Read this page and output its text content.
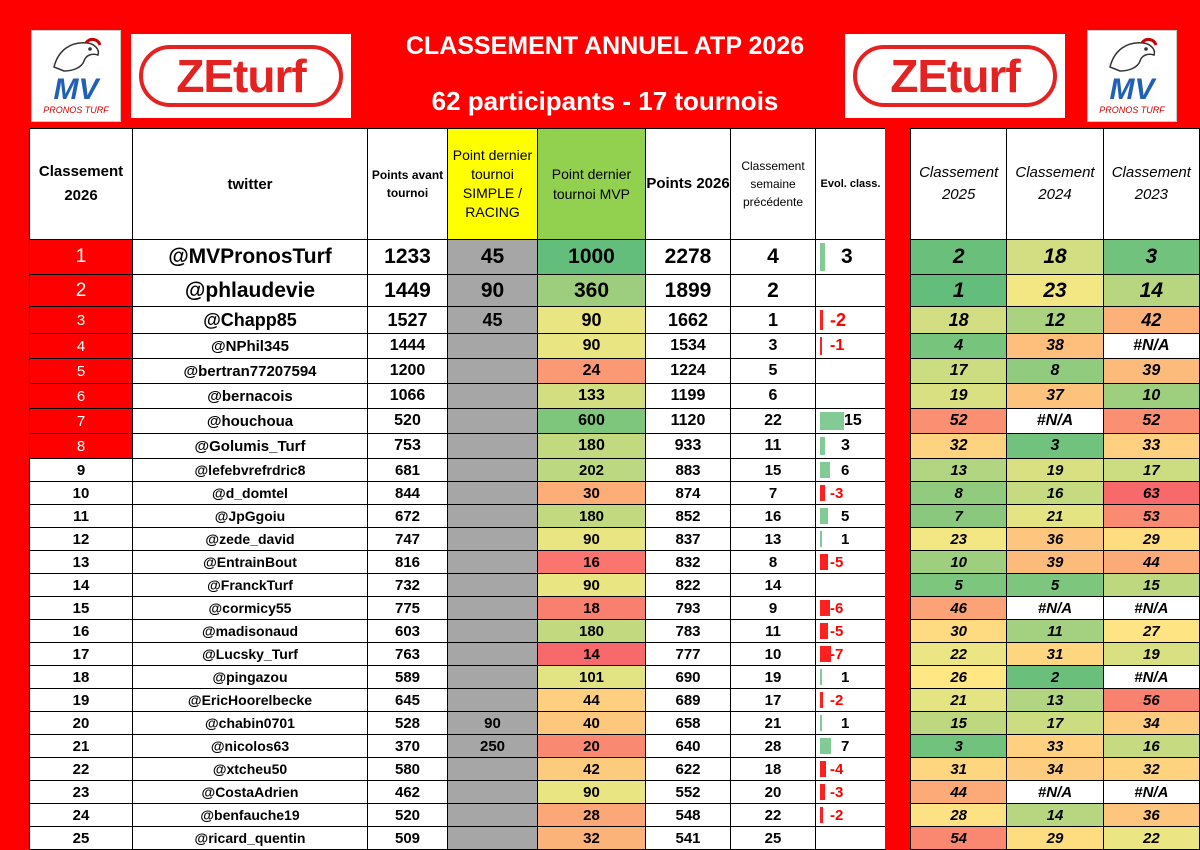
MV
PRONOS TURF
ZEturf
CLASSEMENT ANNUEL ATP 2026
62 participants - 17 tournois	ZEturf	MV
PRONOS TURF
Classement 2026	twitter	Points avant tournoi	Point dernier tournoi SIMPLE / RACING	Point dernier tournoi MVP	Points 2026	Classement semaine précédente	Evol. class.
1	@MVPronosTurf	1233	45	1000	2278	4	3

2	@phlaudevie	1449	90	360	1899	2	
3	@Chapp85	1527	45	90	1662	1	-2

4	@NPhil345	1444		90	1534	3	-1

5	@bertran77207594	1200		24	1224	5	
6	@bernacois	1066		133	1199	6	
7	@houchoua	520		600	1120	22	15

8	@Golumis_Turf	753		180	933	11	3

9	@lefebvrefrdric8	681		202	883	15	6

10	@d_domtel	844		30	874	7	-3

11	@JpGgoiu	672		180	852	16	5

12	@zede_david	747		90	837	13	1

13	@EntrainBout	816		16	832	8	-5

14	@FranckTurf	732		90	822	14	
15	@cormicy55	775		18	793	9	-6

16	@madisonaud	603		180	783	11	-5

17	@Lucsky_Turf	763		14	777	10	-7

18	@pingazou	589		101	690	19	1

19	@EricHoorelbecke	645		44	689	17	-2

20	@chabin0701	528	90	40	658	21	1

21	@nicolos63	370	250	20	640	28	7

22	@xtcheu50	580		42	622	18	-4

23	@CostaAdrien	462		90	552	20	-3

24	@benfauche19	520		28	548	22	-2

25	@ricard_quentin	509		32	541	25	
Classement 2025	Classement 2024	Classement 2023
2	18	3
1	23	14
18	12	42
4	38	#N/A
17	8	39
19	37	10
52	#N/A	52
32	3	33
13	19	17
8	16	63
7	21	53
23	36	29
10	39	44
5	5	15
46	#N/A	#N/A
30	11	27
22	31	19
26	2	#N/A
21	13	56
15	17	34
3	33	16
31	34	32
44	#N/A	#N/A
28	14	36
54	29	22
